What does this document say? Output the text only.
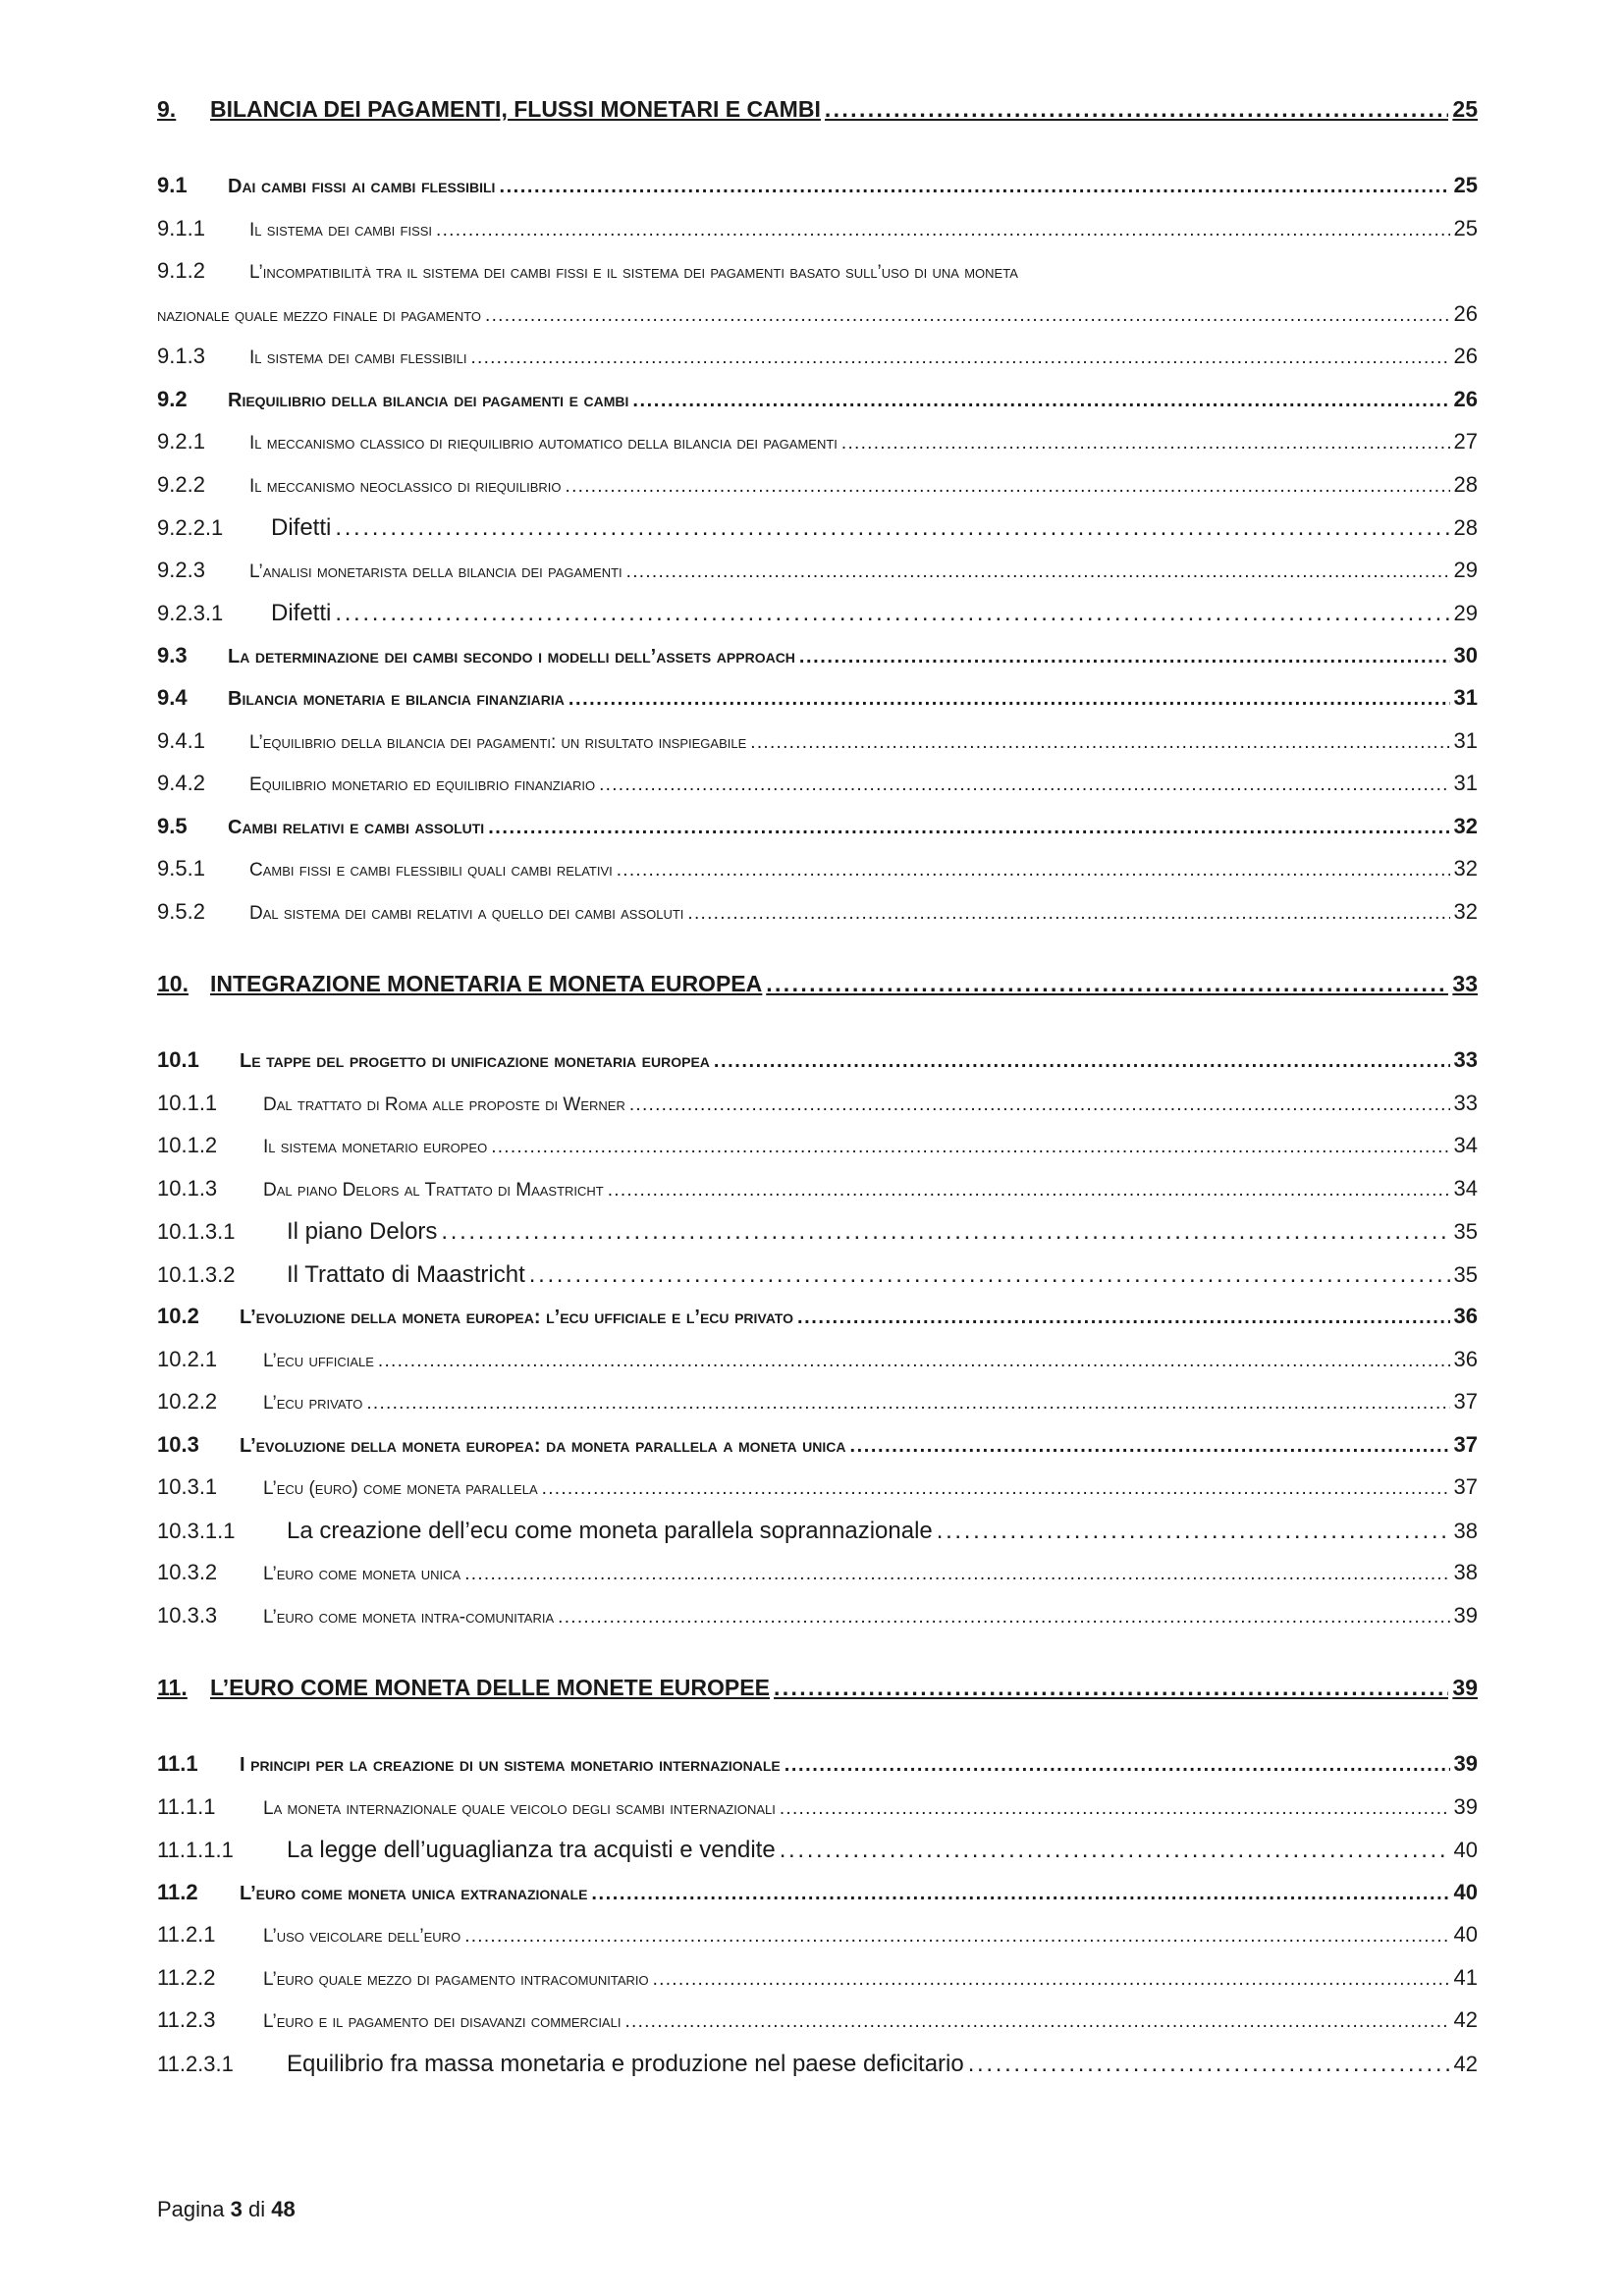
9.	BILANCIA DEI PAGAMENTI, FLUSSI MONETARI E CAMBI . . .	25
9.1	Dai cambi fissi ai cambi flessibili . . .	25
9.1.1	Il sistema dei cambi fissi . . .	25
9.1.2	L’incompatibilità tra il sistema dei cambi fissi e il sistema dei pagamenti basato sull’uso di una moneta
nazionale quale mezzo finale di pagamento . . .	26
9.1.3	Il sistema dei cambi flessibili . . .	26
9.2	Riequilibrio della bilancia dei pagamenti e cambi . . .	26
9.2.1	Il meccanismo classico di riequilibrio automatico della bilancia dei pagamenti . . .	27
9.2.2	Il meccanismo neoclassico di riequilibrio . . .	28
9.2.2.1	Difetti . . .	28
9.2.3	L’analisi monetarista della bilancia dei pagamenti . . .	29
9.2.3.1	Difetti . . .	29
9.3	La determinazione dei cambi secondo i modelli dell’assets approach . . .	30
9.4	Bilancia monetaria e bilancia finanziaria . . .	31
9.4.1	L’equilibrio della bilancia dei pagamenti: un risultato inspiegabile . . .	31
9.4.2	Equilibrio monetario ed equilibrio finanziario . . .	31
9.5	Cambi relativi e cambi assoluti . . .	32
9.5.1	Cambi fissi e cambi flessibili quali cambi relativi . . .	32
9.5.2	Dal sistema dei cambi relativi a quello dei cambi assoluti . . .	32
10. INTEGRAZIONE MONETARIA E MONETA EUROPEA . . .	33
10.1	Le tappe del progetto di unificazione monetaria europea . . .	33
10.1.1	Dal trattato di Roma alle proposte di Werner . . .	33
10.1.2	Il sistema monetario europeo . . .	34
10.1.3	Dal piano Delors al Trattato di Maastricht . . .	34
10.1.3.1	Il piano Delors . . .	35
10.1.3.2	Il Trattato di Maastricht . . .	35
10.2	L’evoluzione della moneta europea: l’ecu ufficiale e l’ecu privato . . .	36
10.2.1	L’ecu ufficiale . . .	36
10.2.2	L’ecu privato . . .	37
10.3	L’evoluzione della moneta europea: da moneta parallela a moneta unica . . .	37
10.3.1	L’ecu (euro) come moneta parallela . . .	37
10.3.1.1	La creazione dell’ecu come moneta parallela soprannazionale . . .	38
10.3.2	L’euro come moneta unica . . .	38
10.3.3	L’euro come moneta intra-comunitaria . . .	39
11.	L’EURO COME MONETA DELLE MONETE EUROPEE . . .	39
11.1	I principi per la creazione di un sistema monetario internazionale . . .	39
11.1.1	La moneta internazionale quale veicolo degli scambi internazionali . . .	39
11.1.1.1	La legge dell’uguaglianza tra acquisti e vendite . . .	40
11.2	L’euro come moneta unica extranazionale . . .	40
11.2.1	L’uso veicolare dell’euro . . .	40
11.2.2	L’euro quale mezzo di pagamento intracomunitario . . .	41
11.2.3	L’euro e il pagamento dei disavanzi commerciali . . .	42
11.2.3.1	Equilibrio fra massa monetaria e produzione nel paese deficitario . . .	42
Pagina 3 di 48
